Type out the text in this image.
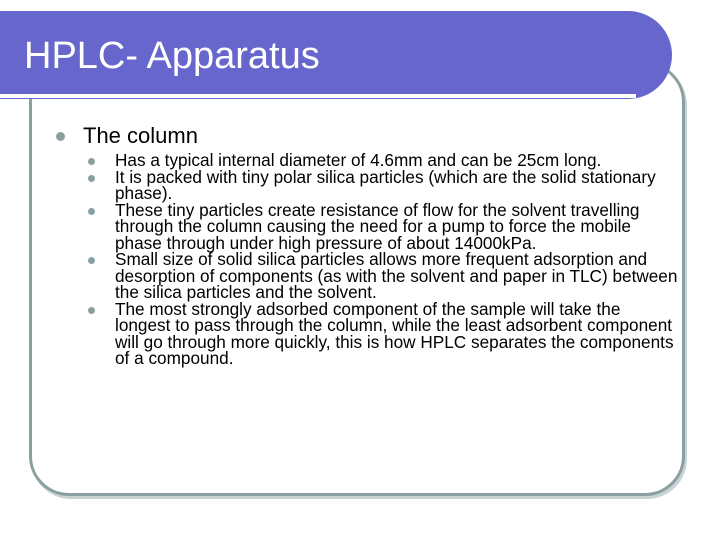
HPLC- Apparatus
The column
Has a typical internal diameter of 4.6mm and can be 25cm long.
It is packed with tiny polar silica particles (which are the solid stationary phase).
These tiny particles create resistance of flow for the solvent travelling through the column causing the need for a pump to force the mobile phase through under high pressure of about 14000kPa.
Small size of solid silica particles allows more frequent adsorption and desorption of components (as with the solvent and paper in TLC) between the silica particles and the solvent.
The most strongly adsorbed component of the sample will take the longest to pass through the column, while the least adsorbent component will go through more quickly, this is how HPLC separates the components of a compound.
